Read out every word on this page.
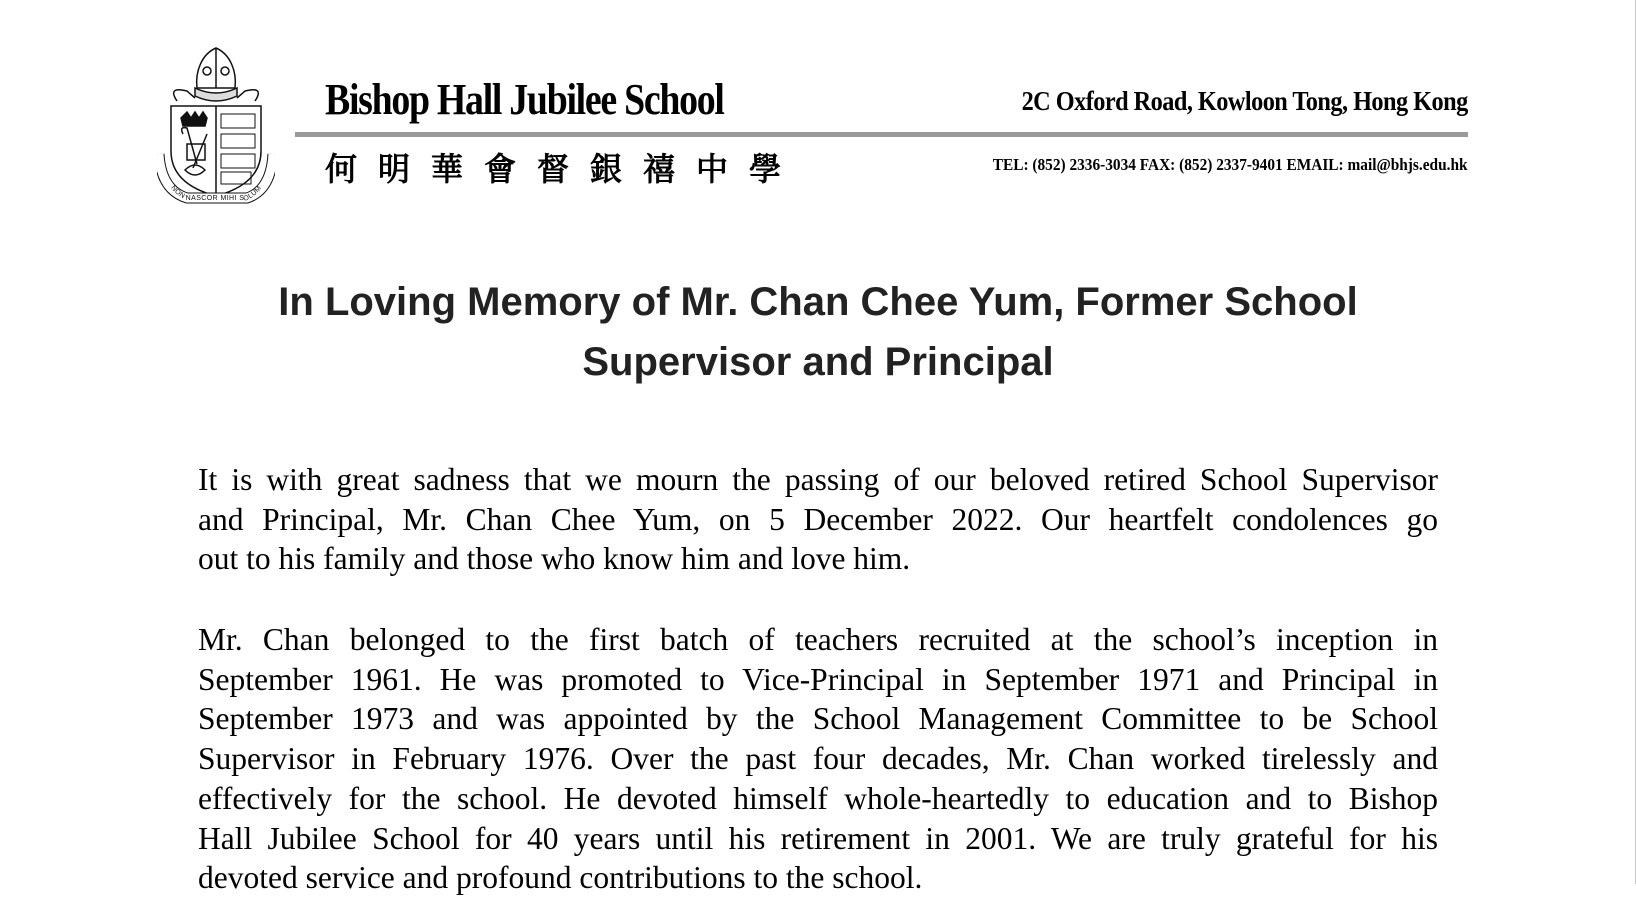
NON NASCOR MIHI SOLUM
Bishop Hall Jubilee School	2C Oxford Road, Kowloon Tong, Hong Kong
何明華會督銀禧中學	TEL: (852) 2336-3034 FAX: (852) 2337-9401 EMAIL: mail@bhjs.edu.hk
In Loving Memory of Mr. Chan Chee Yum, Former School
Supervisor and Principal
It is with great sadness that we mourn the passing of our beloved retired School Supervisor
and Principal, Mr. Chan Chee Yum, on 5 December 2022. Our heartfelt condolences go
out to his family and those who know him and love him.
Mr. Chan belonged to the first batch of teachers recruited at the school’s inception in
September 1961. He was promoted to Vice-Principal in September 1971 and Principal in
September 1973 and was appointed by the School Management Committee to be School
Supervisor in February 1976. Over the past four decades, Mr. Chan worked tirelessly and
effectively for the school. He devoted himself whole-heartedly to education and to Bishop
Hall Jubilee School for 40 years until his retirement in 2001. We are truly grateful for his
devoted service and profound contributions to the school.
